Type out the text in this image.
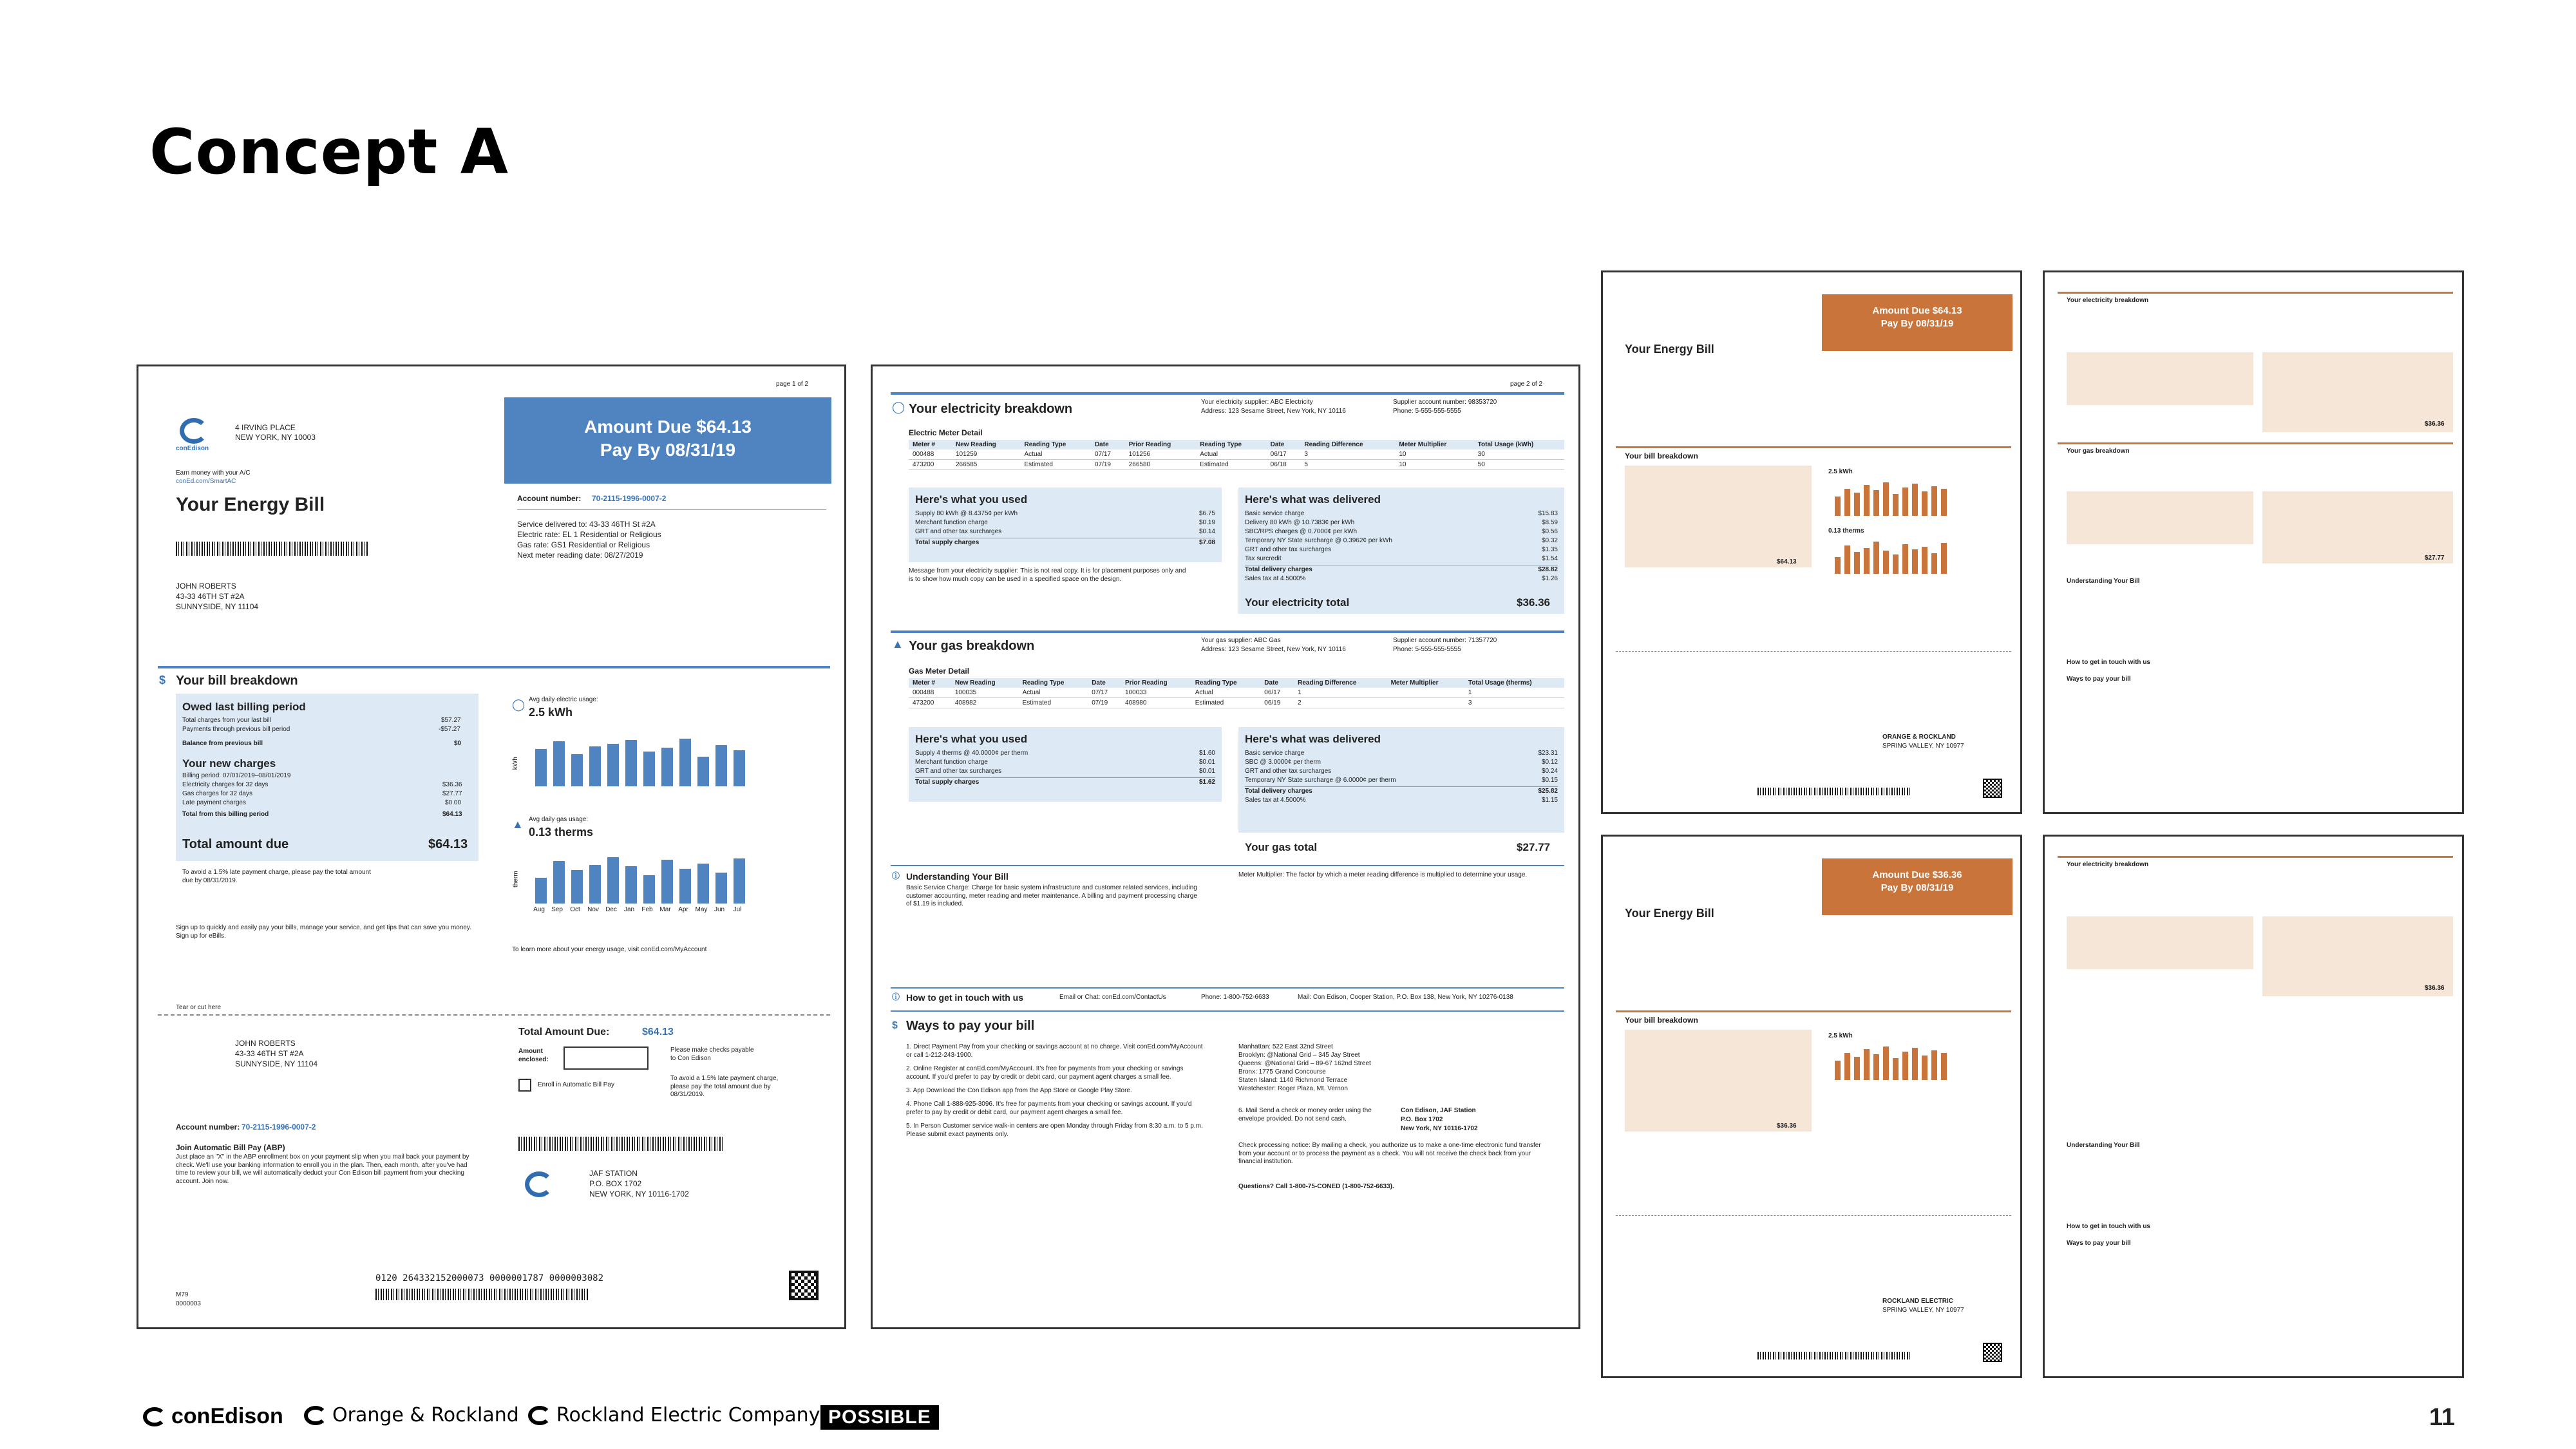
Concept A
page 1 of 2
conEdison
4 IRVING PLACE
NEW YORK, NY 10003
Earn money with your A/C
conEd.com/SmartAC
Your Energy Bill
JOHN ROBERTS
43-33 46TH ST #2A
SUNNYSIDE, NY 11104
Amount Due $64.13
Pay By 08/31/19
Account number: 70-2115-1996-0007-2
Service delivered to: 43-33 46TH St #2A
Electric rate: EL 1 Residential or Religious
Gas rate: GS1 Residential or Religious
Next meter reading date: 08/27/2019
$ Your bill breakdown
Owed last billing period
Total charges from your last bill	$57.27
Payments through previous bill period	-$57.27
Balance from previous bill	$0
Your new charges
Billing period: 07/01/2019–08/01/2019
Electricity charges for 32 days	$36.36
Gas charges for 32 days	$27.77
Late payment charges	$0.00
Total from this billing period	$64.13
Total amount due	$64.13
To avoid a 1.5% late payment charge, please pay the total amount due by 08/31/2019.
◯ Avg daily electric usage:
2.5 kWh
kWh
▲ Avg daily gas usage:
0.13 therms
therm
Aug	Sep	Oct	Nov	Dec	Jan	Feb	Mar	Apr	May	Jun	Jul
Sign up to quickly and easily pay your bills, manage your service, and get tips that can save you money. Sign up for eBills.
To learn more about your energy usage, visit conEd.com/MyAccount
Tear or cut here
JOHN ROBERTS
43-33 46TH ST #2A
SUNNYSIDE, NY 11104
Total Amount Due:	$64.13
Amount enclosed:
Please make checks payable to Con Edison
Enroll in Automatic Bill Pay
To avoid a 1.5% late payment charge, please pay the total amount due by 08/31/2019.
Account number: 70-2115-1996-0007-2
Join Automatic Bill Pay (ABP)
Just place an "X" in the ABP enrollment box on your payment slip when you mail back your payment by check. We'll use your banking information to enroll you in the plan. Then, each month, after you've had time to review your bill, we will automatically deduct your Con Edison bill payment from your checking account. Join now.
JAF STATION
P.O. BOX 1702
NEW YORK, NY 10116-1702
0120 264332152000073 0000001787 0000003082
M79
0000003
page 2 of 2
◯ Your electricity breakdown	Your electricity supplier: ABC Electricity
Address: 123 Sesame Street, New York, NY 10116
Supplier account number: 98353720
Phone: 5-555-555-5555
Electric Meter Detail
Meter #	New Reading	Reading Type	Date	Prior Reading	Reading Type	Date	Reading Difference	Meter Multiplier	Total Usage (kWh)
000488	101259	Actual	07/17	101256	Actual	06/17	3	10	30
473200	266585	Estimated	07/19	266580	Estimated	06/18	5	10	50
Here's what you used
Supply 80 kWh @ 8.4375¢ per kWh	$6.75
Merchant function charge	$0.19
GRT and other tax surcharges	$0.14
Total supply charges	$7.08
Here's what was delivered
Basic service charge	$15.83
Delivery 80 kWh @ 10.7383¢ per kWh	$8.59
SBC/RPS charges @ 0.7000¢ per kWh	$0.56
Temporary NY State surcharge @ 0.3962¢ per kWh	$0.32
GRT and other tax surcharges	$1.35
Tax surcredit	$1.54
Total delivery charges	$28.82
Sales tax at 4.5000%	$1.26
Your electricity total	$36.36
Message from your electricity supplier: This is not real copy. It is for placement purposes only and is to show how much copy can be used in a specified space on the design.
▲ Your gas breakdown	Your gas supplier: ABC Gas
Address: 123 Sesame Street, New York, NY 10116
Supplier account number: 71357720
Phone: 5-555-555-5555
Gas Meter Detail
Meter #	New Reading	Reading Type	Date	Prior Reading	Reading Type	Date	Reading Difference	Meter Multiplier	Total Usage (therms)
000488	100035	Actual	07/17	100033	Actual	06/17	1		1
473200	408982	Estimated	07/19	408980	Estimated	06/19	2		3
Here's what you used
Supply 4 therms @ 40.0000¢ per therm	$1.60
Merchant function charge	$0.01
GRT and other tax surcharges	$0.01
Total supply charges	$1.62
Here's what was delivered
Basic service charge	$23.31
SBC @ 3.0000¢ per therm	$0.12
GRT and other tax surcharges	$0.24
Temporary NY State surcharge @ 6.0000¢ per therm	$0.15
Total delivery charges	$25.82
Sales tax at 4.5000%	$1.15
Your gas total	$27.77
ⓘ Understanding Your Bill
Basic Service Charge: Charge for basic system infrastructure and customer related services, including customer accounting, meter reading and meter maintenance. A billing and payment processing charge of $1.19 is included.
Meter Multiplier: The factor by which a meter reading difference is multiplied to determine your usage.
ⓘ How to get in touch with us	Email or Chat: conEd.com/ContactUs	Phone: 1-800-752-6633	Mail: Con Edison, Cooper Station, P.O. Box 138, New York, NY 10276-0138
$ Ways to pay your bill
1. Direct Payment Pay from your checking or savings account at no charge. Visit conEd.com/MyAccount or call 1-212-243-1900.
2. Online Register at conEd.com/MyAccount. It's free for payments from your checking or savings account. If you'd prefer to pay by credit or debit card, our payment agent charges a small fee.
3. App Download the Con Edison app from the App Store or Google Play Store.
4. Phone Call 1-888-925-3096. It's free for payments from your checking or savings account. If you'd prefer to pay by credit or debit card, our payment agent charges a small fee.
5. In Person Customer service walk-in centers are open Monday through Friday from 8:30 a.m. to 5 p.m. Please submit exact payments only.
Manhattan: 522 East 32nd Street
Brooklyn: @National Grid – 345 Jay Street
Queens: @National Grid – 89-67 162nd Street
Bronx: 1775 Grand Concourse
Staten Island: 1140 Richmond Terrace
Westchester: Roger Plaza, Mt. Vernon
6. Mail Send a check or money order using the envelope provided. Do not send cash.
Con Edison, JAF Station
P.O. Box 1702
New York, NY 10116-1702
Check processing notice: By mailing a check, you authorize us to make a one-time electronic fund transfer from your account or to process the payment as a check. You will not receive the check back from your financial institution.
Questions? Call 1-800-75-CONED (1-800-752-6633).
Amount Due $64.13
Pay By 08/31/19
Your Energy Bill
Your bill breakdown
2.5 kWh
0.13 therms
$64.13
ORANGE & ROCKLAND
SPRING VALLEY, NY 10977
Your electricity breakdown
$36.36
Your gas breakdown
$27.77
Understanding Your Bill
How to get in touch with us
Ways to pay your bill
Amount Due $36.36
Pay By 08/31/19
Your Energy Bill
Your bill breakdown
2.5 kWh
$36.36
ROCKLAND ELECTRIC
SPRING VALLEY, NY 10977
Your electricity breakdown
$36.36
Understanding Your Bill
How to get in touch with us
Ways to pay your bill
conEdison	Orange & Rockland Rockland Electric Company POSSIBLE	11
